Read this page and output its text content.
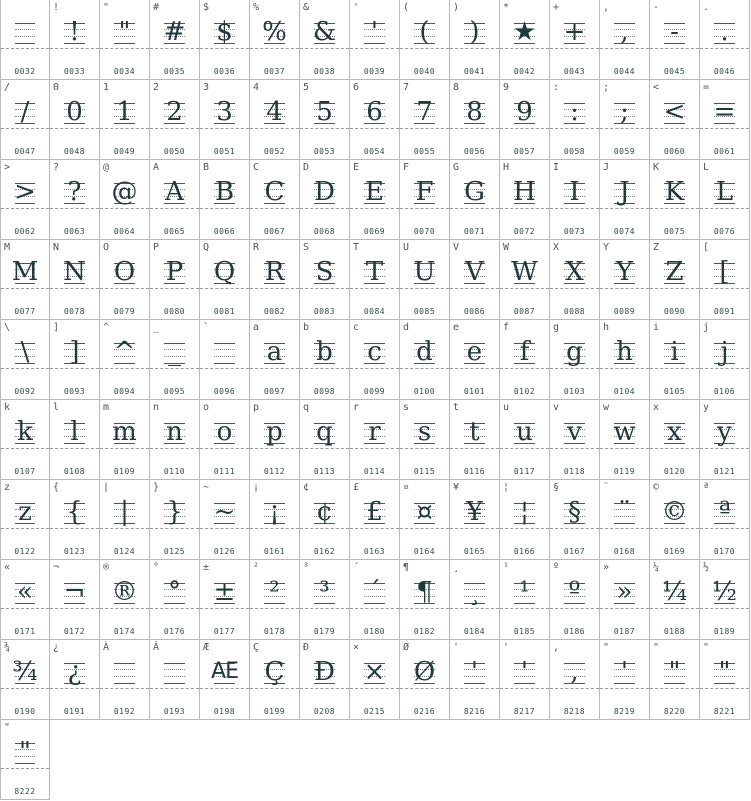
0032
!
!
0033
"
"
0034
#
#
0035
$
$
0036
%
%
0037
&
&
0038
'
'
0039
(
(
0040
)
)
0041
*
★
0042
+
+
0043
,
,
0044
-
-
0045
.
.
0046
/
/
0047
0
0
0048
1
1
0049
2
2
0050
3
3
0051
4
4
0052
5
5
0053
6
6
0054
7
7
0055
8
8
0056
9
9
0057
:
:
0058
;
;
0059
<
<
0060
=
=
0061
>
>
0062
?
?
0063
@
@
0064
A
A
0065
B
B
0066
C
C
0067
D
D
0068
E
E
0069
F
F
0070
G
G
0071
H
H
0072
I
I
0073
J
J
0074
K
K
0075
L
L
0076
M
M
0077
N
N
0078
O
O
0079
P
P
0080
Q
Q
0081
R
R
0082
S
S
0083
T
T
0084
U
U
0085
V
V
0086
W
W
0087
X
X
0088
Y
Y
0089
Z
Z
0090
[
[
0091
\
\
0092
]
]
0093
^
^
0094
_
_
0095
`
0096
a
a
0097
b
b
0098
c
c
0099
d
d
0100
e
e
0101
f
f
0102
g
g
0103
h
h
0104
i
i
0105
j
j
0106
k
k
0107
l
l
0108
m
m
0109
n
n
0110
o
o
0111
p
p
0112
q
q
0113
r
r
0114
s
s
0115
t
t
0116
u
u
0117
v
v
0118
w
w
0119
x
x
0120
y
y
0121
z
z
0122
{
{
0123
|
|
0124
}
}
0125
~
~
0126
¡
¡
0161
¢
¢
0162
£
£
0163
¤
¤
0164
¥
¥
0165
¦
¦
0166
§
§
0167
¨
¨
0168
©
©
0169
ª
ª
0170
«
«
0171
¬
¬
0172
®
®
0174
°
°
0176
±
±
0177
²
²
0178
³
³
0179
´
´
0180
¶
¶
0182
¸
¸
0184
¹
¹
0185
º
º
0186
»
»
0187
¼
¼
0188
½
½
0189
¾
¾
0190
¿
¿
0191
À
0192
Á
0193
Æ
AE
0198
Ç
Ç
0199
Ð
Đ
0208
×
×
0215
Ø
Ø
0216
'
'
8216
'
'
8217
,
,
8218
"
'
8219
"
"
8220
"
"
8221
"
"
8222
